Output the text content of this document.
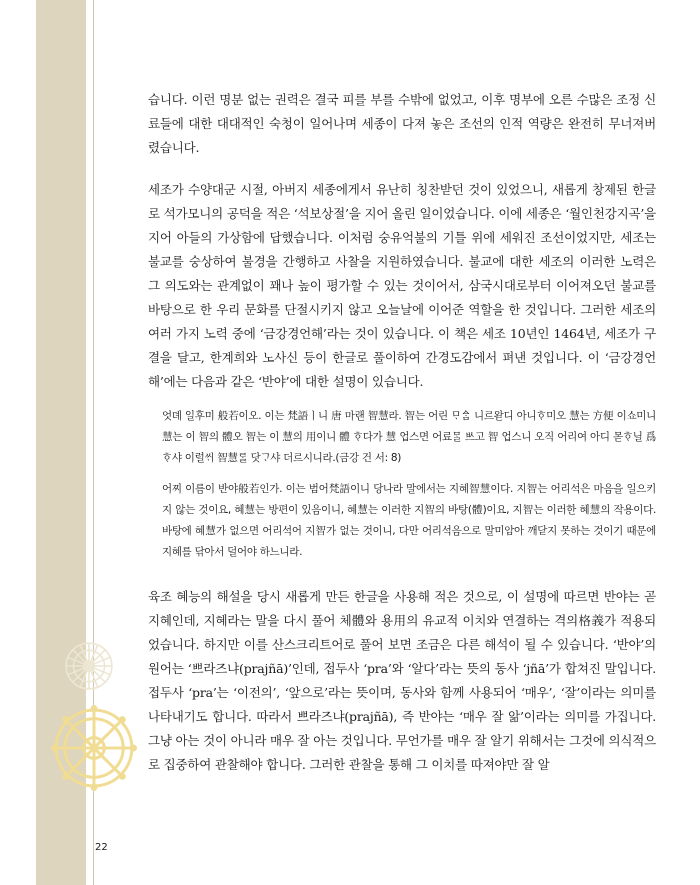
습니다. 이런 명분 없는 권력은 결국 피를 부를 수밖에 없었고, 이후 명부에 오른 수많은 조정 신료들에 대한 대대적인 숙청이 일어나며 세종이 다져 놓은 조선의 인적 역량은 완전히 무너져버렸습니다.

세조가 수양대군 시절, 아버지 세종에게서 유난히 칭찬받던 것이 있었으니, 새롭게 창제된 한글로 석가모니의 공덕을 적은 ‘석보상절’을 지어 올린 일이었습니다. 이에 세종은 ‘월인천강지곡’을 지어 아들의 가상함에 답했습니다. 이처럼 숭유억불의 기틀 위에 세워진 조선이었지만, 세조는 불교를 숭상하여 불경을 간행하고 사찰을 지원하였습니다. 불교에 대한 세조의 이러한 노력은 그 의도와는 관계없이 꽤나 높이 평가할 수 있는 것이어서, 삼국시대로부터 이어져오던 불교를 바탕으로 한 우리 문화를 단절시키지 않고 오늘날에 이어준 역할을 한 것입니다. 그러한 세조의 여러 가지 노력 중에 ‘금강경언해’라는 것이 있습니다. 이 책은 세조 10년인 1464년, 세조가 구결을 달고, 한계희와 노사신 등이 한글로 풀이하여 간경도감에서 펴낸 것입니다. 이 ‘금강경언해’에는 다음과 같은 ‘반야’에 대한 설명이 있습니다.

엇뎨 일후미 般若이오. 이는 梵語ㅣ니 唐 마랜 智慧라. 智는 어린 ᄆᆞᅀᆞᆷ 니르왇디 아니ᄒᆞ미오 慧는 方便 이쇼미니 慧는 이 智의 體오 智는 이 慧의 用이니 體 ᄒᆞ다가 慧 업스면 어료ᄆᆞᆯ ᄡᅳ고 智 업스니 오직 어리여 아디 몯ᄒᆞ닐 爲ᄒᆞ샤 이럴ᄊᆡ 智慧ᄅᆞᆯ 닷ᄀᆞ샤 더르시니라.(금강 건 서: 8)
어찌 이름이 반야般若인가. 이는 범어梵語이니 당나라 말에서는 지혜智慧이다. 지智는 어리석은 마음을 일으키지 않는 것이요, 혜慧는 방편이 있음이니, 혜慧는 이러한 지智의 바탕(體)이요, 지智는 이러한 혜慧의 작용이다. 바탕에 혜慧가 없으면 어리석어 지智가 없는 것이니, 다만 어리석음으로 말미암아 깨닫지 못하는 것이기 때문에 지혜를 닦아서 덜어야 하느니라.

육조 혜능의 해설을 당시 새롭게 만든 한글을 사용해 적은 것으로, 이 설명에 따르면 반야는 곧 지혜인데, 지혜라는 말을 다시 풀어 체體와 용用의 유교적 이치와 연결하는 격의格義가 적용되었습니다. 하지만 이를 산스크리트어로 풀어 보면 조금은 다른 해석이 될 수 있습니다. ‘반야’의 원어는 ‘쁘라즈냐(prajñā)’인데, 접두사 ‘pra’와 ‘알다’라는 뜻의 동사 ‘jñā’가 합쳐진 말입니다. 접두사 ‘pra’는 ‘이전의’, ‘앞으로’라는 뜻이며, 동사와 함께 사용되어 ‘매우’, ‘잘’이라는 의미를 나타내기도 합니다. 따라서 쁘라즈냐(prajñā), 즉 반야는 ‘매우 잘 앎’이라는 의미를 가집니다. 그냥 아는 것이 아니라 매우 잘 아는 것입니다. 무언가를 매우 잘 알기 위해서는 그것에 의식적으로 집중하여 관찰해야 합니다. 그러한 관찰을 통해 그 이치를 따져야만 잘 알

22
